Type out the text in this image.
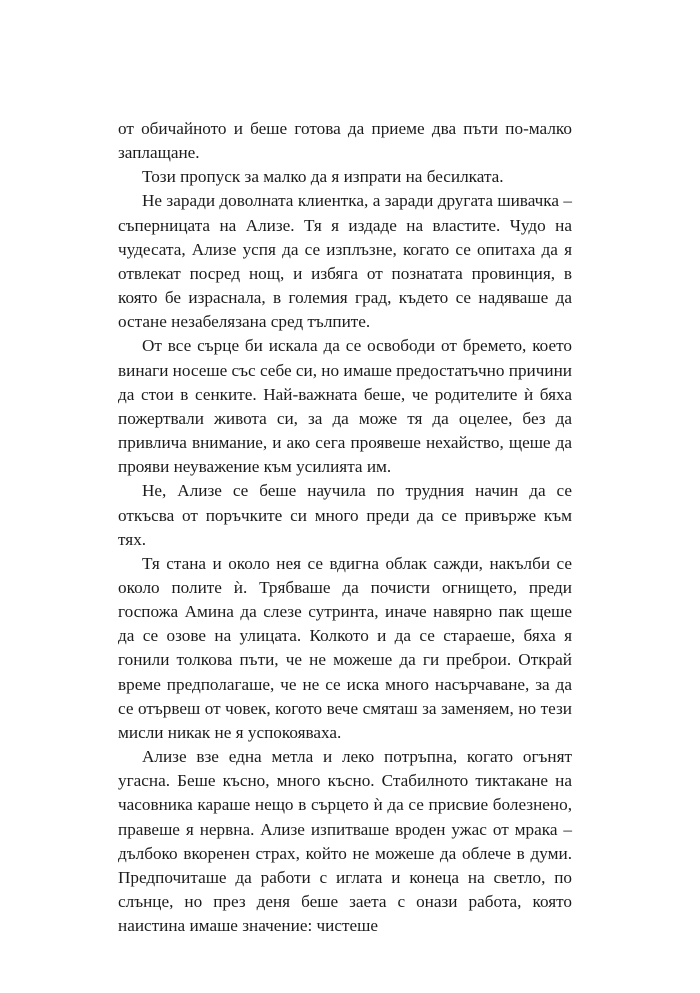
от обичайното и беше готова да приеме два пъти по-малко заплащане.

Този пропуск за малко да я изпрати на бесилката.

Не заради доволната клиентка, а заради другата шивачка – съперницата на Ализе. Тя я издаде на властите. Чудо на чудесата, Ализе успя да се изплъзне, когато се опитаха да я отвлекат посред нощ, и избяга от познатата провинция, в която бе израснала, в големия град, където се надяваше да остане незабелязана сред тълпите.

От все сърце би искала да се освободи от бремето, което винаги носеше със себе си, но имаше предостатъчно причини да стои в сенките. Най-важната беше, че родителите ѝ бяха пожертвали живота си, за да може тя да оцелее, без да привлича внимание, и ако сега проявеше нехайство, щеше да прояви неуважение към усилията им.

Не, Ализе се беше научила по трудния начин да се откъсва от поръчките си много преди да се привърже към тях.

Тя стана и около нея се вдигна облак сажди, накълби се около полите ѝ. Трябваше да почисти огнището, преди госпожа Амина да слезе сутринта, иначе навярно пак щеше да се озове на улицата. Колкото и да се стараеше, бяха я гонили толкова пъти, че не можеше да ги преброи. Открай време предполагаше, че не се иска много насърчаване, за да се отървеш от човек, когото вече смяташ за заменяем, но тези мисли никак не я успокояваха.

Ализе взе една метла и леко потръпна, когато огънят угасна. Беше късно, много късно. Стабилното тиктакане на часовника караше нещо в сърцето ѝ да се присвие болезнено, правеше я нервна. Ализе изпитваше вроден ужас от мрака – дълбоко вкоренен страх, който не можеше да облече в думи. Предпочиташе да работи с иглата и конеца на светло, по слънце, но през деня беше заета с онази работа, която наистина имаше значение: чистеше
